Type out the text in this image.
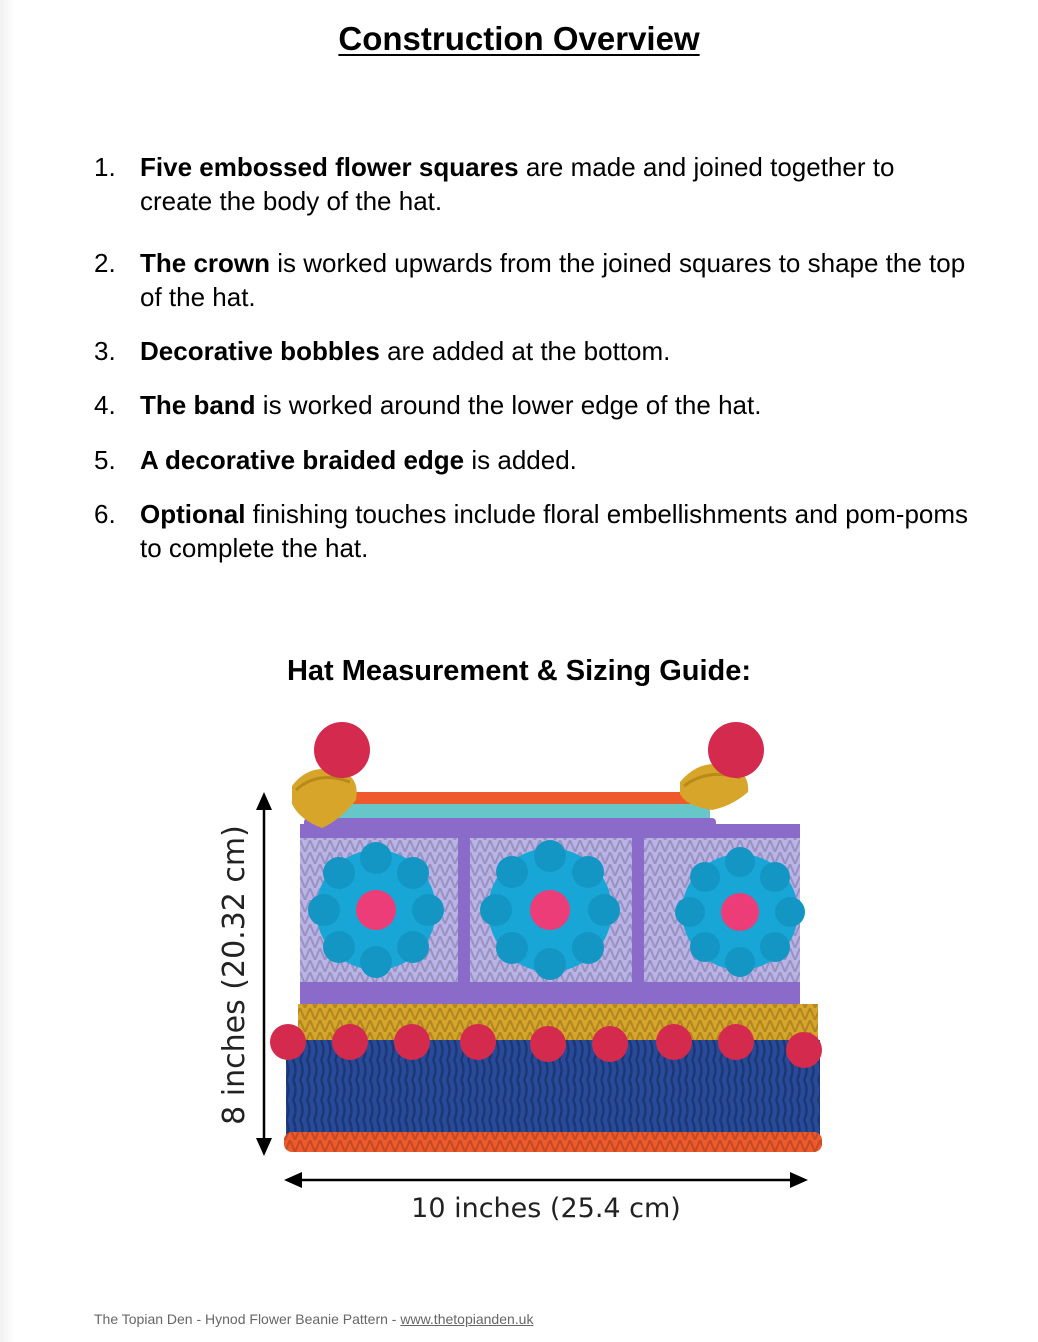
Construction Overview
1. Five embossed flower squares are made and joined together to create the body of the hat.
2. The crown is worked upwards from the joined squares to shape the top of the hat.
3. Decorative bobbles are added at the bottom.
4. The band is worked around the lower edge of the hat.
5. A decorative braided edge is added.
6. Optional finishing touches include floral embellishments and pom-poms to complete the hat.
Hat Measurement & Sizing Guide:
8 inches (20.32 cm)
10 inches (25.4 cm)
The Topian Den - Hynod Flower Beanie Pattern - www.thetopianden.uk
